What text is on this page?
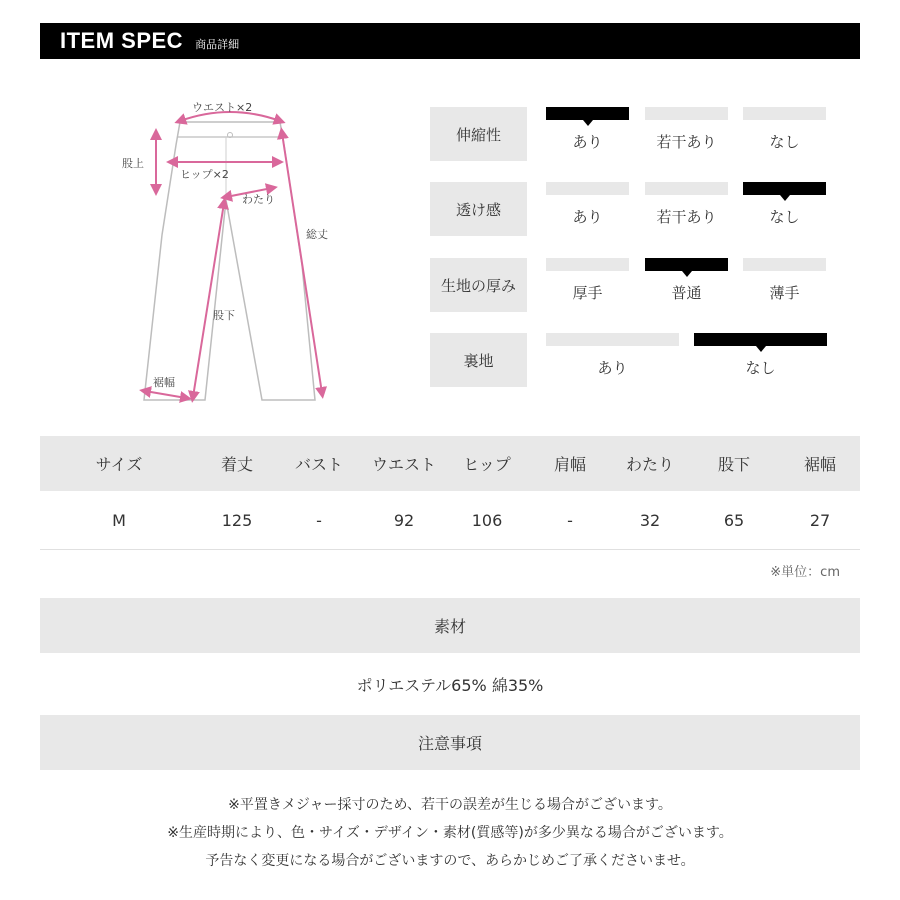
ITEM SPEC 商品詳細
ウエスト×2
ヒップ×2
股上
わたり
総丈
股下
裾幅
伸縮性	あり	若干あり	なし
透け感	あり	若干あり	なし
生地の厚み	厚手	普通	薄手
裏地	あり	なし
サイズ	着丈	バスト	ウエスト	ヒップ	肩幅	わたり	股下	裾幅
M	125	-	92	106	-	32	65	27
※単位：cm
素材
ポリエステル65% 綿35%
注意事項
※平置きメジャー採寸のため、若干の誤差が生じる場合がございます。
※生産時期により、色・サイズ・デザイン・素材(質感等)が多少異なる場合がございます。
予告なく変更になる場合がございますので、あらかじめご了承くださいませ。
